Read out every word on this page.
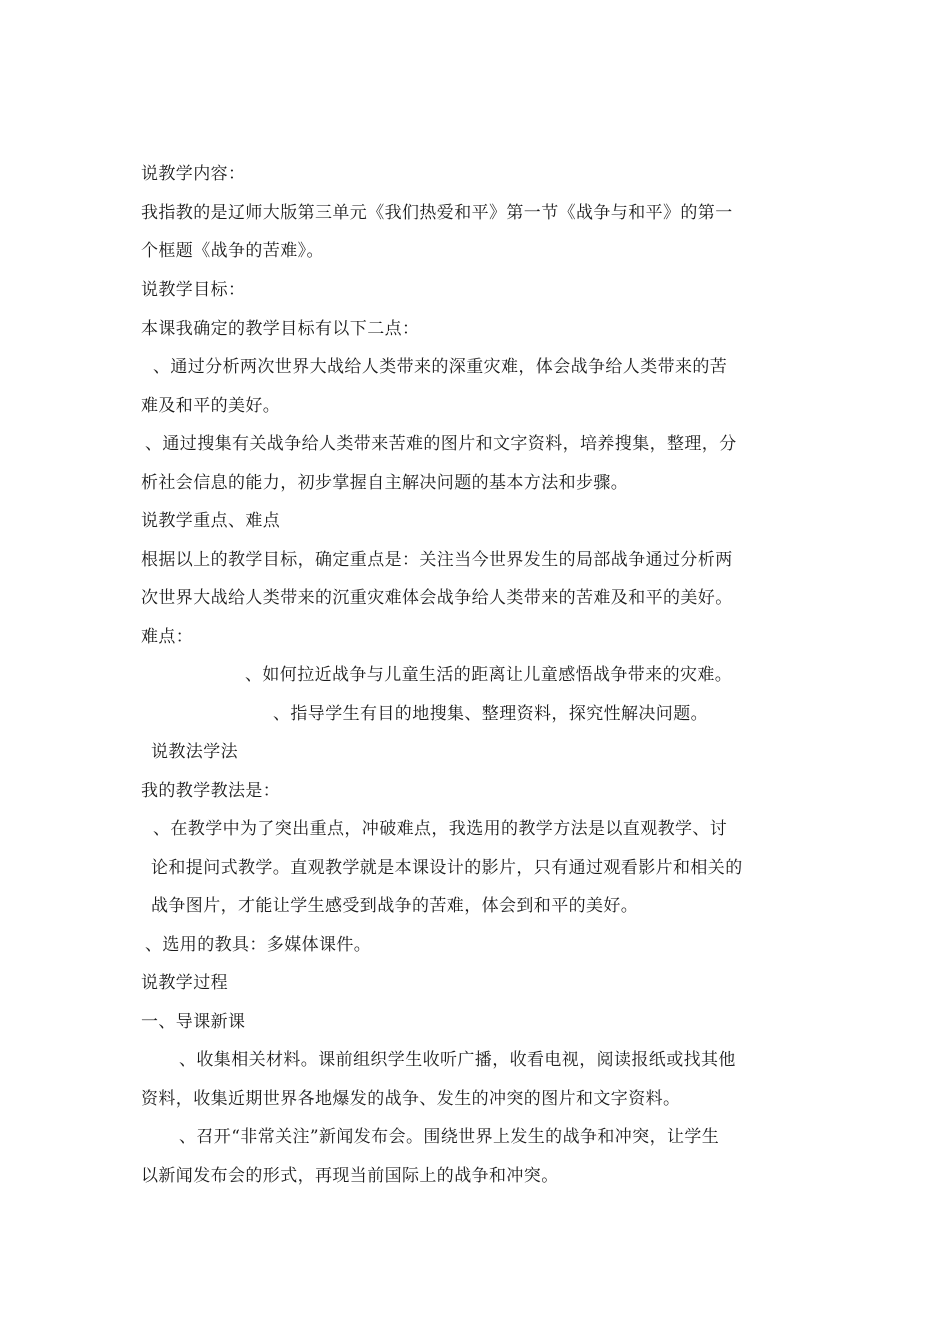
说教学内容：
我指教的是辽师大版第三单元《我们热爱和平》第一节《战争与和平》的第一
个框题《战争的苦难》。
说教学目标：
本课我确定的教学目标有以下二点：
、通过分析两次世界大战给人类带来的深重灾难，体会战争给人类带来的苦
难及和平的美好。
、通过搜集有关战争给人类带来苦难的图片和文字资料，培养搜集，整理，分
析社会信息的能力，初步掌握自主解决问题的基本方法和步骤。
说教学重点、难点
根据以上的教学目标，确定重点是：关注当今世界发生的局部战争通过分析两
次世界大战给人类带来的沉重灾难体会战争给人类带来的苦难及和平的美好。
难点：
、如何拉近战争与儿童生活的距离让儿童感悟战争带来的灾难。
、指导学生有目的地搜集、整理资料，探究性解决问题。
说教法学法
我的教学教法是：
、在教学中为了突出重点，冲破难点，我选用的教学方法是以直观教学、讨
论和提问式教学。直观教学就是本课设计的影片，只有通过观看影片和相关的
战争图片，才能让学生感受到战争的苦难，体会到和平的美好。
、选用的教具：多媒体课件。
说教学过程
一、导课新课
、收集相关材料。课前组织学生收听广播，收看电视，阅读报纸或找其他
资料，收集近期世界各地爆发的战争、发生的冲突的图片和文字资料。
、召开“非常关注”新闻发布会。围绕世界上发生的战争和冲突，让学生
以新闻发布会的形式，再现当前国际上的战争和冲突。
